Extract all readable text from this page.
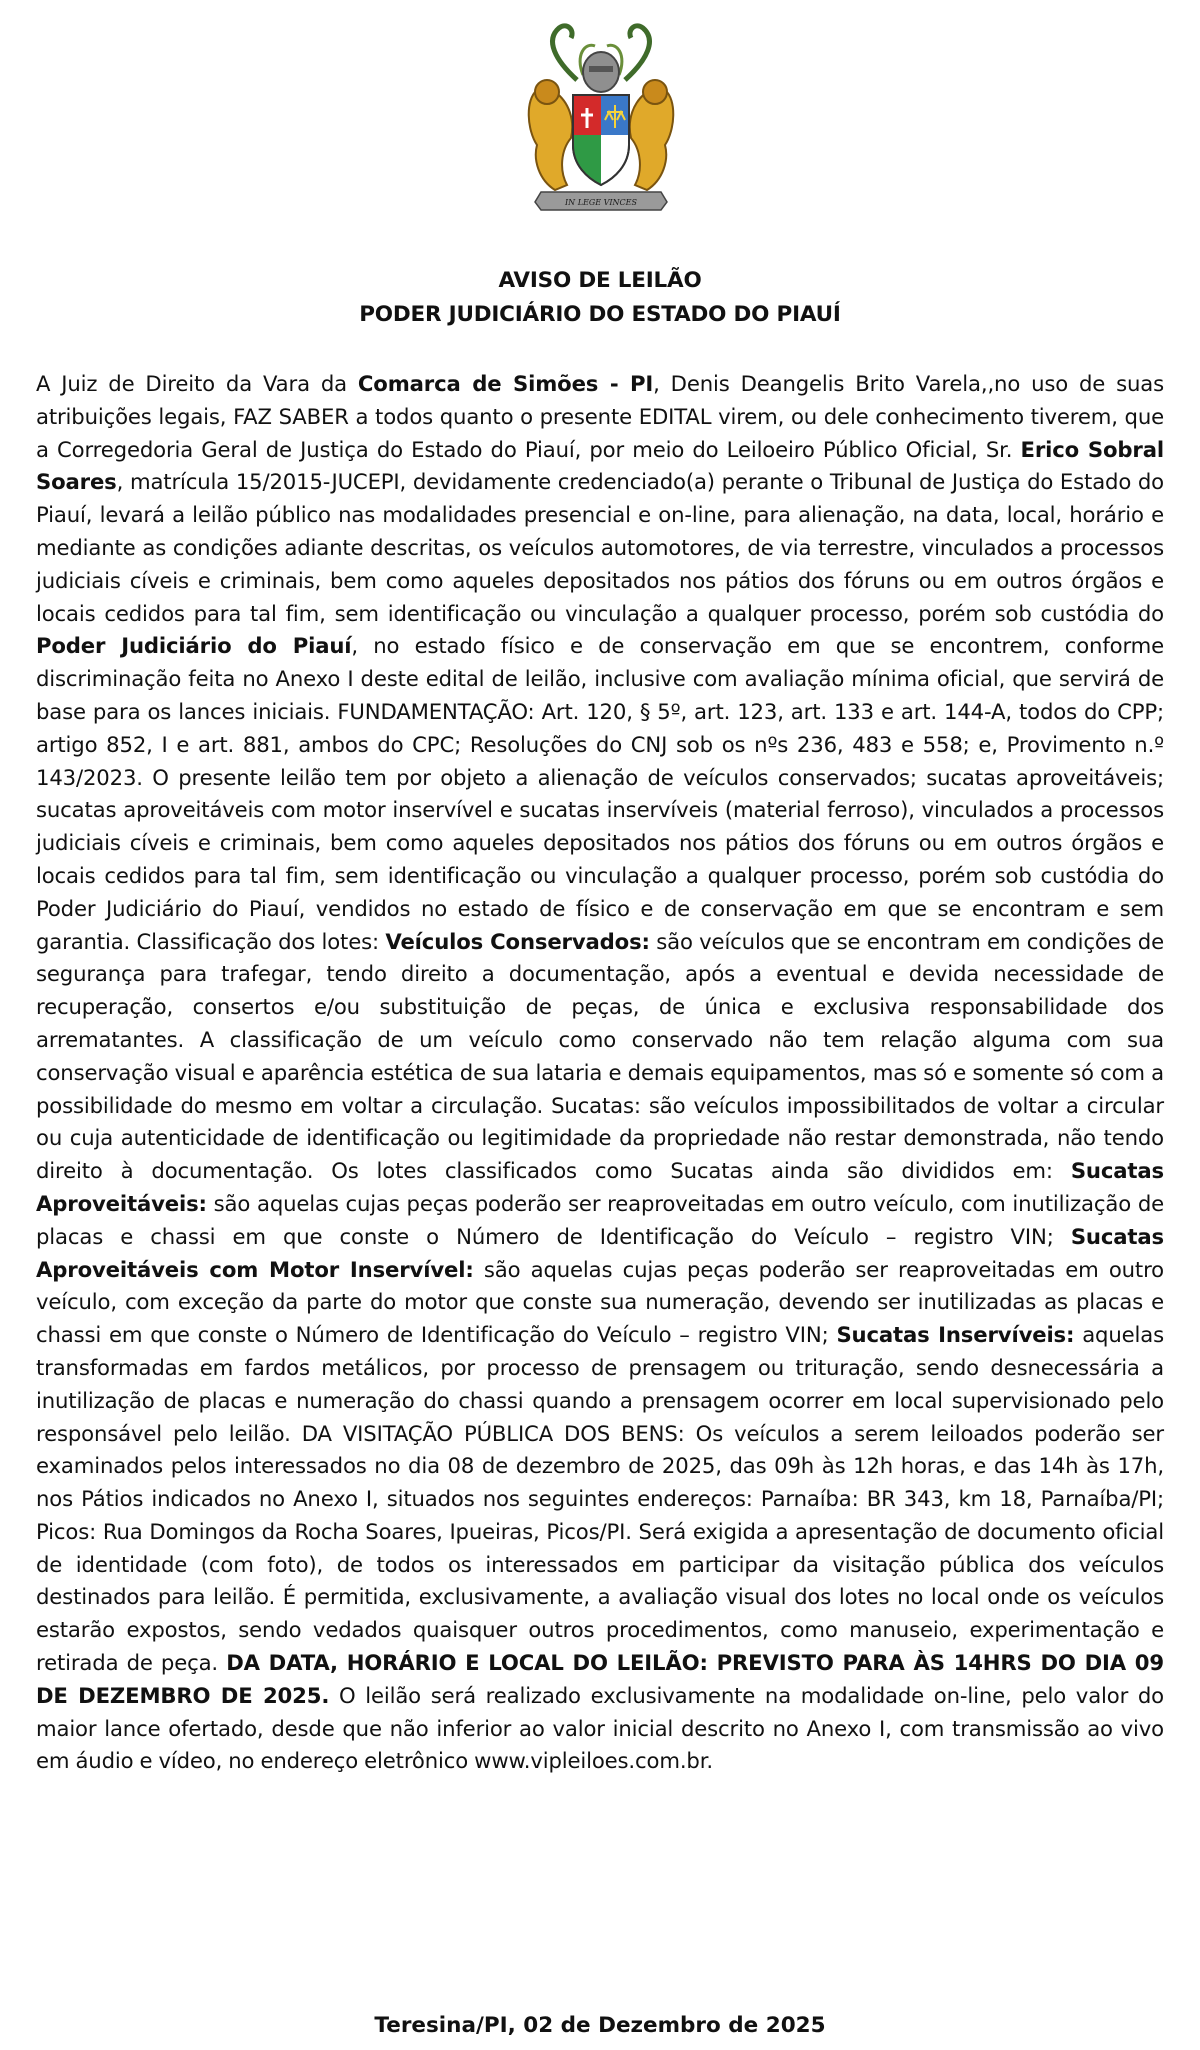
IN LEGE VINCES
AVISO DE LEILÃO
PODER JUDICIÁRIO DO ESTADO DO PIAUÍ
A Juiz de Direito da Vara da Comarca de Simões - PI, Denis Deangelis Brito Varela,,no uso de suas atribuições legais, FAZ SABER a todos quanto o presente EDITAL virem, ou dele conhecimento tiverem, que a Corregedoria Geral de Justiça do Estado do Piauí, por meio do Leiloeiro Público Oficial, Sr. Erico Sobral Soares, matrícula 15/2015-JUCEPI, devidamente credenciado(a) perante o Tribunal de Justiça do Estado do Piauí, levará a leilão público nas modalidades presencial e on-line, para alienação, na data, local, horário e mediante as condições adiante descritas, os veículos automotores, de via terrestre, vinculados a processos judiciais cíveis e criminais, bem como aqueles depositados nos pátios dos fóruns ou em outros órgãos e locais cedidos para tal fim, sem identificação ou vinculação a qualquer processo, porém sob custódia do Poder Judiciário do Piauí, no estado físico e de conservação em que se encontrem, conforme discriminação feita no Anexo I deste edital de leilão, inclusive com avaliação mínima oficial, que servirá de base para os lances iniciais. FUNDAMENTAÇÃO: Art. 120, § 5º, art. 123, art. 133 e art. 144-A, todos do CPP; artigo 852, I e art. 881, ambos do CPC; Resoluções do CNJ sob os nºs 236, 483 e 558; e, Provimento n.º 143/2023. O presente leilão tem por objeto a alienação de veículos conservados; sucatas aproveitáveis; sucatas aproveitáveis com motor inservível e sucatas inservíveis (material ferroso), vinculados a processos judiciais cíveis e criminais, bem como aqueles depositados nos pátios dos fóruns ou em outros órgãos e locais cedidos para tal fim, sem identificação ou vinculação a qualquer processo, porém sob custódia do Poder Judiciário do Piauí, vendidos no estado de físico e de conservação em que se encontram e sem garantia. Classificação dos lotes: Veículos Conservados: são veículos que se encontram em condições de segurança para trafegar, tendo direito a documentação, após a eventual e devida necessidade de recuperação, consertos e/ou substituição de peças, de única e exclusiva responsabilidade dos arrematantes. A classificação de um veículo como conservado não tem relação alguma com sua conservação visual e aparência estética de sua lataria e demais equipamentos, mas só e somente só com a possibilidade do mesmo em voltar a circulação. Sucatas: são veículos impossibilitados de voltar a circular ou cuja autenticidade de identificação ou legitimidade da propriedade não restar demonstrada, não tendo direito à documentação. Os lotes classificados como Sucatas ainda são divididos em: Sucatas Aproveitáveis: são aquelas cujas peças poderão ser reaproveitadas em outro veículo, com inutilização de placas e chassi em que conste o Número de Identificação do Veículo – registro VIN; Sucatas Aproveitáveis com Motor Inservível: são aquelas cujas peças poderão ser reaproveitadas em outro veículo, com exceção da parte do motor que conste sua numeração, devendo ser inutilizadas as placas e chassi em que conste o Número de Identificação do Veículo – registro VIN; Sucatas Inservíveis: aquelas transformadas em fardos metálicos, por processo de prensagem ou trituração, sendo desnecessária a inutilização de placas e numeração do chassi quando a prensagem ocorrer em local supervisionado pelo responsável pelo leilão. DA VISITAÇÃO PÚBLICA DOS BENS: Os veículos a serem leiloados poderão ser examinados pelos interessados no dia 08 de dezembro de 2025, das 09h às 12h horas, e das 14h às 17h, nos Pátios indicados no Anexo I, situados nos seguintes endereços: Parnaíba: BR 343, km 18, Parnaíba/PI; Picos: Rua Domingos da Rocha Soares, Ipueiras, Picos/PI. Será exigida a apresentação de documento oficial de identidade (com foto), de todos os interessados em participar da visitação pública dos veículos destinados para leilão. É permitida, exclusivamente, a avaliação visual dos lotes no local onde os veículos estarão expostos, sendo vedados quaisquer outros procedimentos, como manuseio, experimentação e retirada de peça. DA DATA, HORÁRIO E LOCAL DO LEILÃO: PREVISTO PARA ÀS 14HRS DO DIA 09 DE DEZEMBRO DE 2025. O leilão será realizado exclusivamente na modalidade on-line, pelo valor do maior lance ofertado, desde que não inferior ao valor inicial descrito no Anexo I, com transmissão ao vivo em áudio e vídeo, no endereço eletrônico www.vipleiloes.com.br.
Teresina/PI, 02 de Dezembro de 2025
